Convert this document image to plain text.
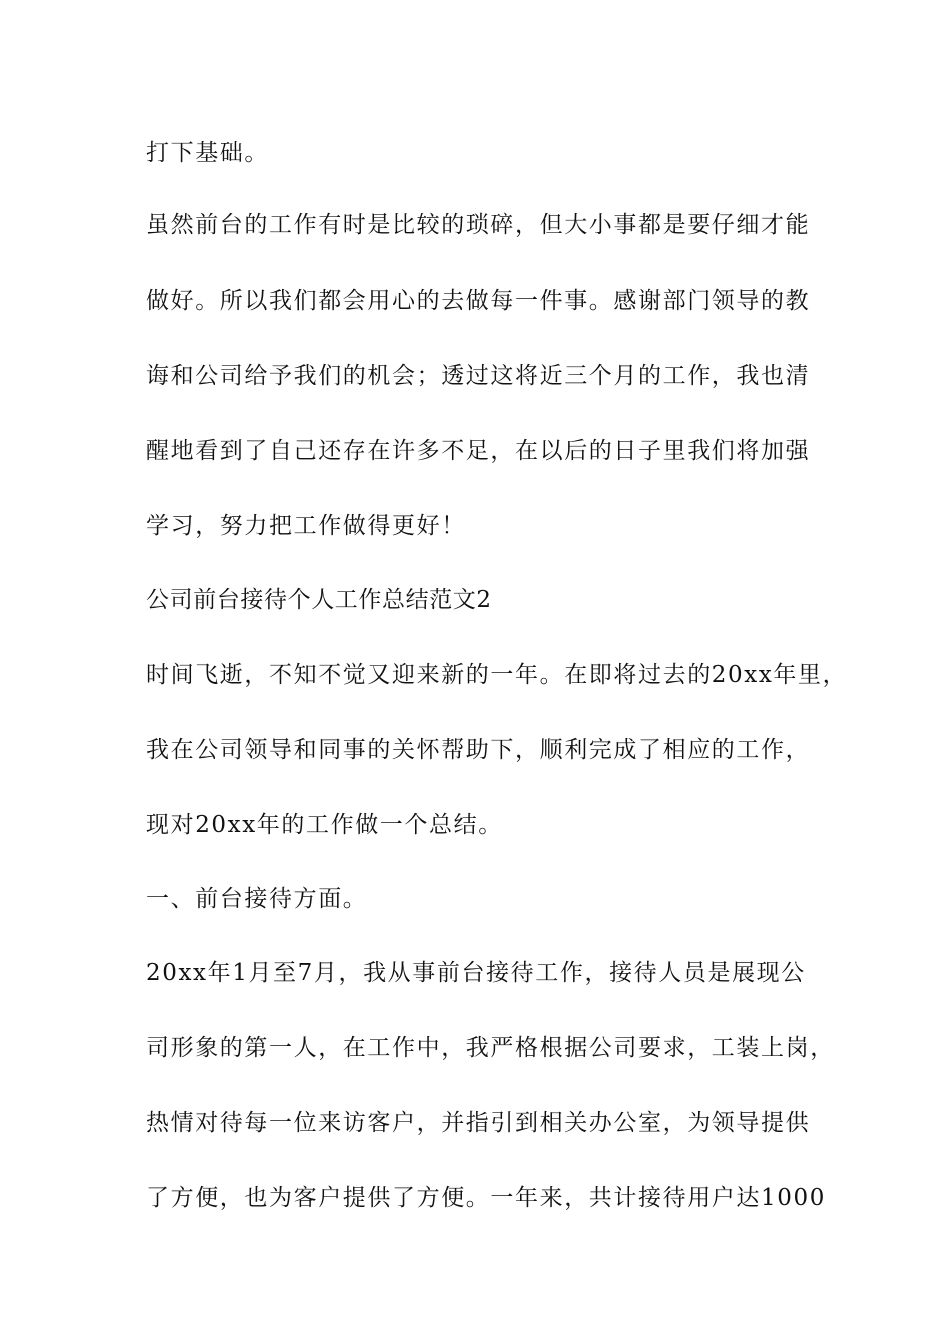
打下基础。
虽然前台的工作有时是比较的琐碎，但大小事都是要仔细才能
做好。所以我们都会用心的去做每一件事。感谢部门领导的教
诲和公司给予我们的机会；透过这将近三个月的工作，我也清
醒地看到了自己还存在许多不足，在以后的日子里我们将加强
学习，努力把工作做得更好！
公司前台接待个人工作总结范文2
时间飞逝，不知不觉又迎来新的一年。在即将过去的20xx年里，
我在公司领导和同事的关怀帮助下，顺利完成了相应的工作，
现对20xx年的工作做一个总结。
一、前台接待方面。
20xx年1月至7月，我从事前台接待工作，接待人员是展现公
司形象的第一人，在工作中，我严格根据公司要求，工装上岗，
热情对待每一位来访客户，并指引到相关办公室，为领导提供
了方便，也为客户提供了方便。一年来，共计接待用户达1000
